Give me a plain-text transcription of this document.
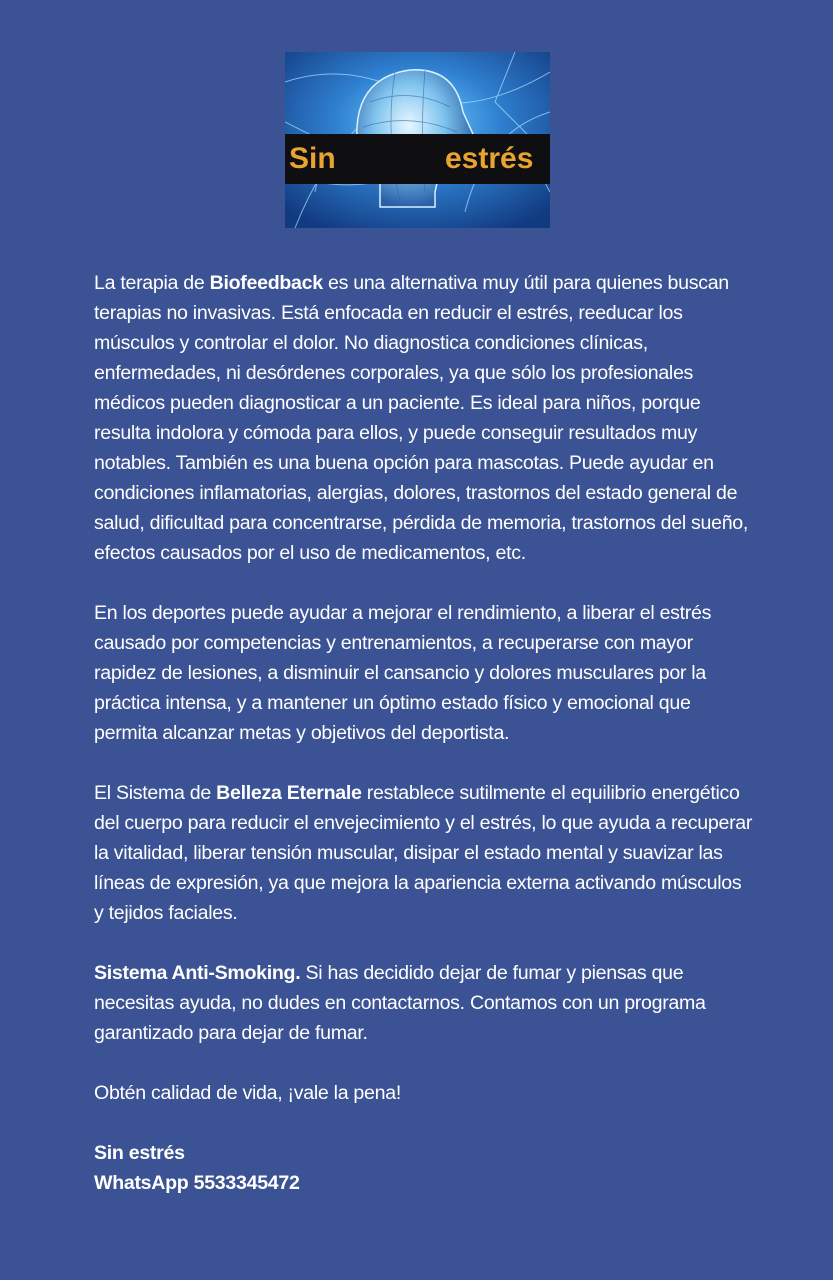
Sin	estrés

La terapia de Biofeedback es una alternativa muy útil para quienes buscan terapias no invasivas. Está enfocada en reducir el estrés, reeducar los músculos y controlar el dolor. No diagnostica condiciones clínicas, enfermedades, ni desórdenes corporales, ya que sólo los profesionales médicos pueden diagnosticar a un paciente. Es ideal para niños, porque resulta indolora y cómoda para ellos, y puede conseguir resultados muy notables. También es una buena opción para mascotas. Puede ayudar en condiciones inflamatorias, alergias, dolores, trastornos del estado general de salud, dificultad para concentrarse, pérdida de memoria, trastornos del sueño, efectos causados por el uso de medicamentos, etc.

En los deportes puede ayudar a mejorar el rendimiento, a liberar el estrés causado por competencias y entrenamientos, a recuperarse con mayor rapidez de lesiones, a disminuir el cansancio y dolores musculares por la práctica intensa, y a mantener un óptimo estado físico y emocional que permita alcanzar metas y objetivos del deportista.

El Sistema de Belleza Eternale restablece sutilmente el equilibrio energético del cuerpo para reducir el envejecimiento y el estrés, lo que ayuda a recuperar la vitalidad, liberar tensión muscular, disipar el estado mental y suavizar las líneas de expresión, ya que mejora la apariencia externa activando músculos y tejidos faciales.

Sistema Anti-Smoking. Si has decidido dejar de fumar y piensas que necesitas ayuda, no dudes en contactarnos. Contamos con un programa garantizado para dejar de fumar.

Obtén calidad de vida, ¡vale la pena!

Sin estrés
WhatsApp 5533345472
